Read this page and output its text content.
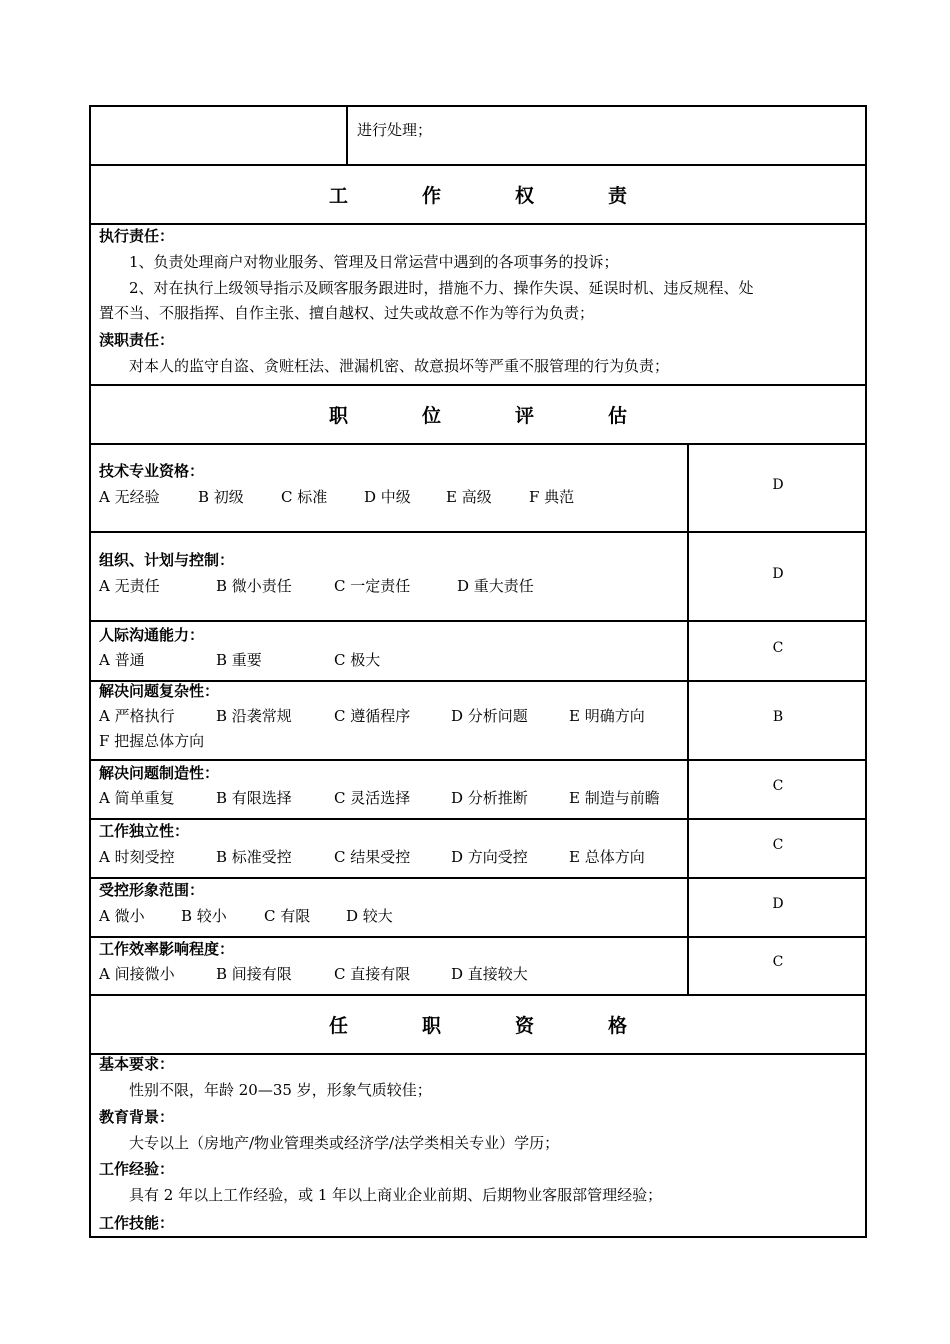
进行处理；
工	作	权	责
执行责任：
1、负责处理商户对物业服务、管理及日常运营中遇到的各项事务的投诉；
2、对在执行上级领导指示及顾客服务跟进时，措施不力、操作失误、延误时机、违反规程、处
置不当、不服指挥、自作主张、擅自越权、过失或故意不作为等行为负责；
渎职责任：
对本人的监守自盗、贪赃枉法、泄漏机密、故意损坏等严重不服管理的行为负责；
职	位	评	估
技术专业资格：
A 无经验	B 初级 C 标准 D 中级 E 高级 F 典范
D
组织、计划与控制：
A 无责任	B 微小责任	C 一定责任	D 重大责任
D
人际沟通能力：
A 普通	B 重要	C 极大
C
解决问题复杂性：
A 严格执行	B 沿袭常规	C 遵循程序	D 分析问题	E 明确方向
F 把握总体方向
B
解决问题制造性：
A 简单重复	B 有限选择	C 灵活选择	D 分析推断	E 制造与前瞻
C
工作独立性：
A 时刻受控	B 标准受控	C 结果受控	D 方向受控	E 总体方向
C
受控形象范围：
A 微小 B 较小 C 有限 D 较大
D
工作效率影响程度：
A 间接微小	B 间接有限	C 直接有限	D 直接较大
C
任	职	资	格
基本要求：
性别不限，年龄 20—35 岁，形象气质较佳；
教育背景：
大专以上（房地产/物业管理类或经济学/法学类相关专业）学历；
工作经验：
具有 2 年以上工作经验，或 1 年以上商业企业前期、后期物业客服部管理经验；
工作技能：
